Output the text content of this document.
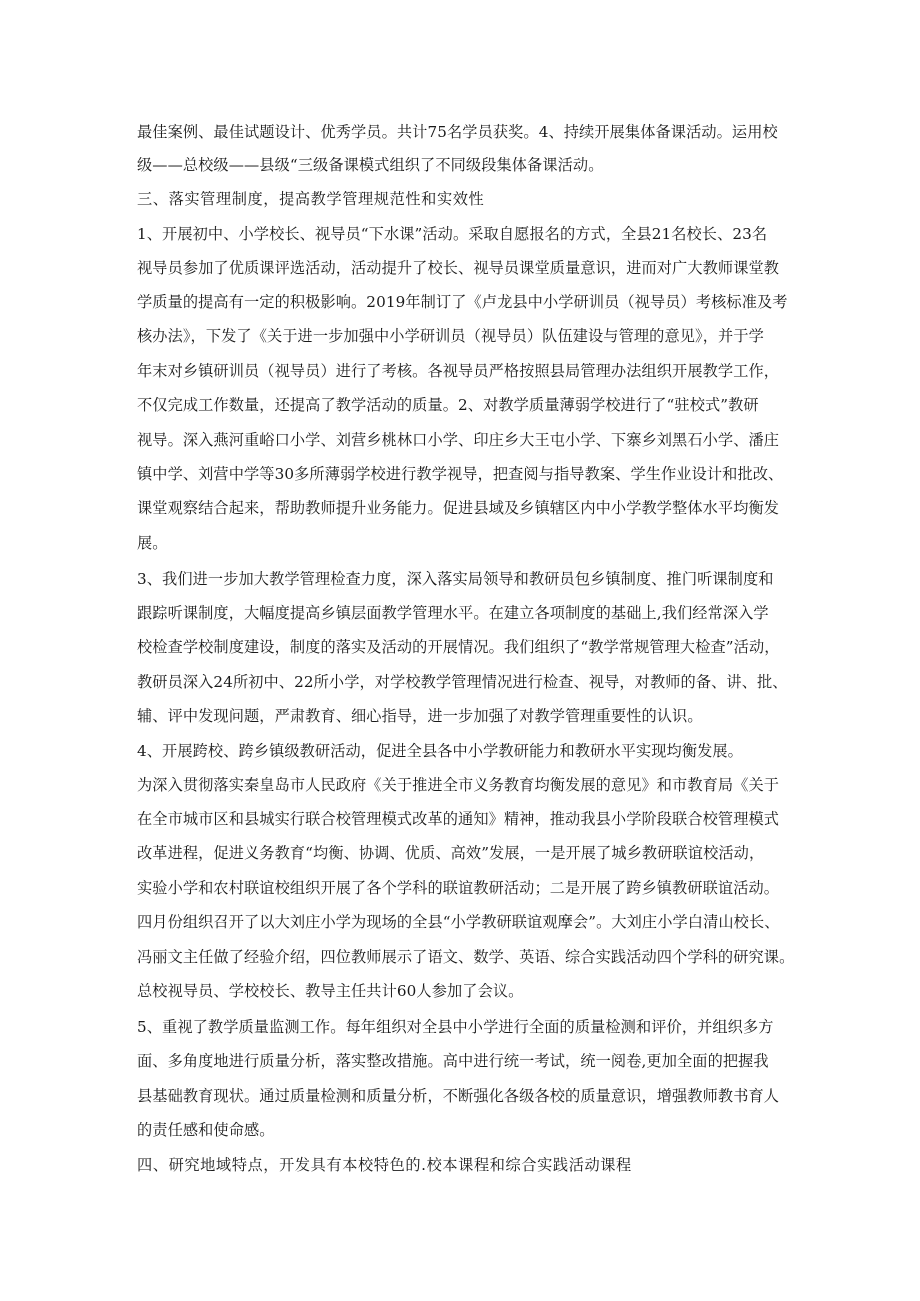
最佳案例、最佳试题设计、优秀学员。共计75名学员获奖。4、持续开展集体备课活动。运用校
级——总校级——县级“三级备课模式组织了不同级段集体备课活动。
三、落实管理制度，提高教学管理规范性和实效性
1、开展初中、小学校长、视导员“下水课”活动。采取自愿报名的方式，全县21名校长、23名
视导员参加了优质课评选活动，活动提升了校长、视导员课堂质量意识，进而对广大教师课堂教
学质量的提高有一定的积极影响。2019年制订了《卢龙县中小学研训员（视导员）考核标准及考
核办法》，下发了《关于进一步加强中小学研训员（视导员）队伍建设与管理的意见》，并于学
年末对乡镇研训员（视导员）进行了考核。各视导员严格按照县局管理办法组织开展教学工作，
不仅完成工作数量，还提高了教学活动的质量。2、对教学质量薄弱学校进行了“驻校式”教研
视导。深入燕河重峪口小学、刘营乡桃林口小学、印庄乡大王屯小学、下寨乡刘黑石小学、潘庄
镇中学、刘营中学等30多所薄弱学校进行教学视导，把查阅与指导教案、学生作业设计和批改、
课堂观察结合起来，帮助教师提升业务能力。促进县域及乡镇辖区内中小学教学整体水平均衡发
展。
3、我们进一步加大教学管理检查力度，深入落实局领导和教研员包乡镇制度、推门听课制度和
跟踪听课制度，大幅度提高乡镇层面教学管理水平。在建立各项制度的基础上,我们经常深入学
校检查学校制度建设，制度的落实及活动的开展情况。我们组织了“教学常规管理大检查”活动，
教研员深入24所初中、22所小学，对学校教学管理情况进行检查、视导，对教师的备、讲、批、
辅、评中发现问题，严肃教育、细心指导，进一步加强了对教学管理重要性的认识。
4、开展跨校、跨乡镇级教研活动，促进全县各中小学教研能力和教研水平实现均衡发展。
为深入贯彻落实秦皇岛市人民政府《关于推进全市义务教育均衡发展的意见》和市教育局《关于
在全市城市区和县城实行联合校管理模式改革的通知》精神，推动我县小学阶段联合校管理模式
改革进程，促进义务教育“均衡、协调、优质、高效”发展，一是开展了城乡教研联谊校活动，
实验小学和农村联谊校组织开展了各个学科的联谊教研活动；二是开展了跨乡镇教研联谊活动。
四月份组织召开了以大刘庄小学为现场的全县“小学教研联谊观摩会”。大刘庄小学白清山校长、
冯丽文主任做了经验介绍，四位教师展示了语文、数学、英语、综合实践活动四个学科的研究课。
总校视导员、学校校长、教导主任共计60人参加了会议。
5、重视了教学质量监测工作。每年组织对全县中小学进行全面的质量检测和评价，并组织多方
面、多角度地进行质量分析，落实整改措施。高中进行统一考试，统一阅卷,更加全面的把握我
县基础教育现状。通过质量检测和质量分析，不断强化各级各校的质量意识，增强教师教书育人
的责任感和使命感。
四、研究地域特点，开发具有本校特色的.校本课程和综合实践活动课程
